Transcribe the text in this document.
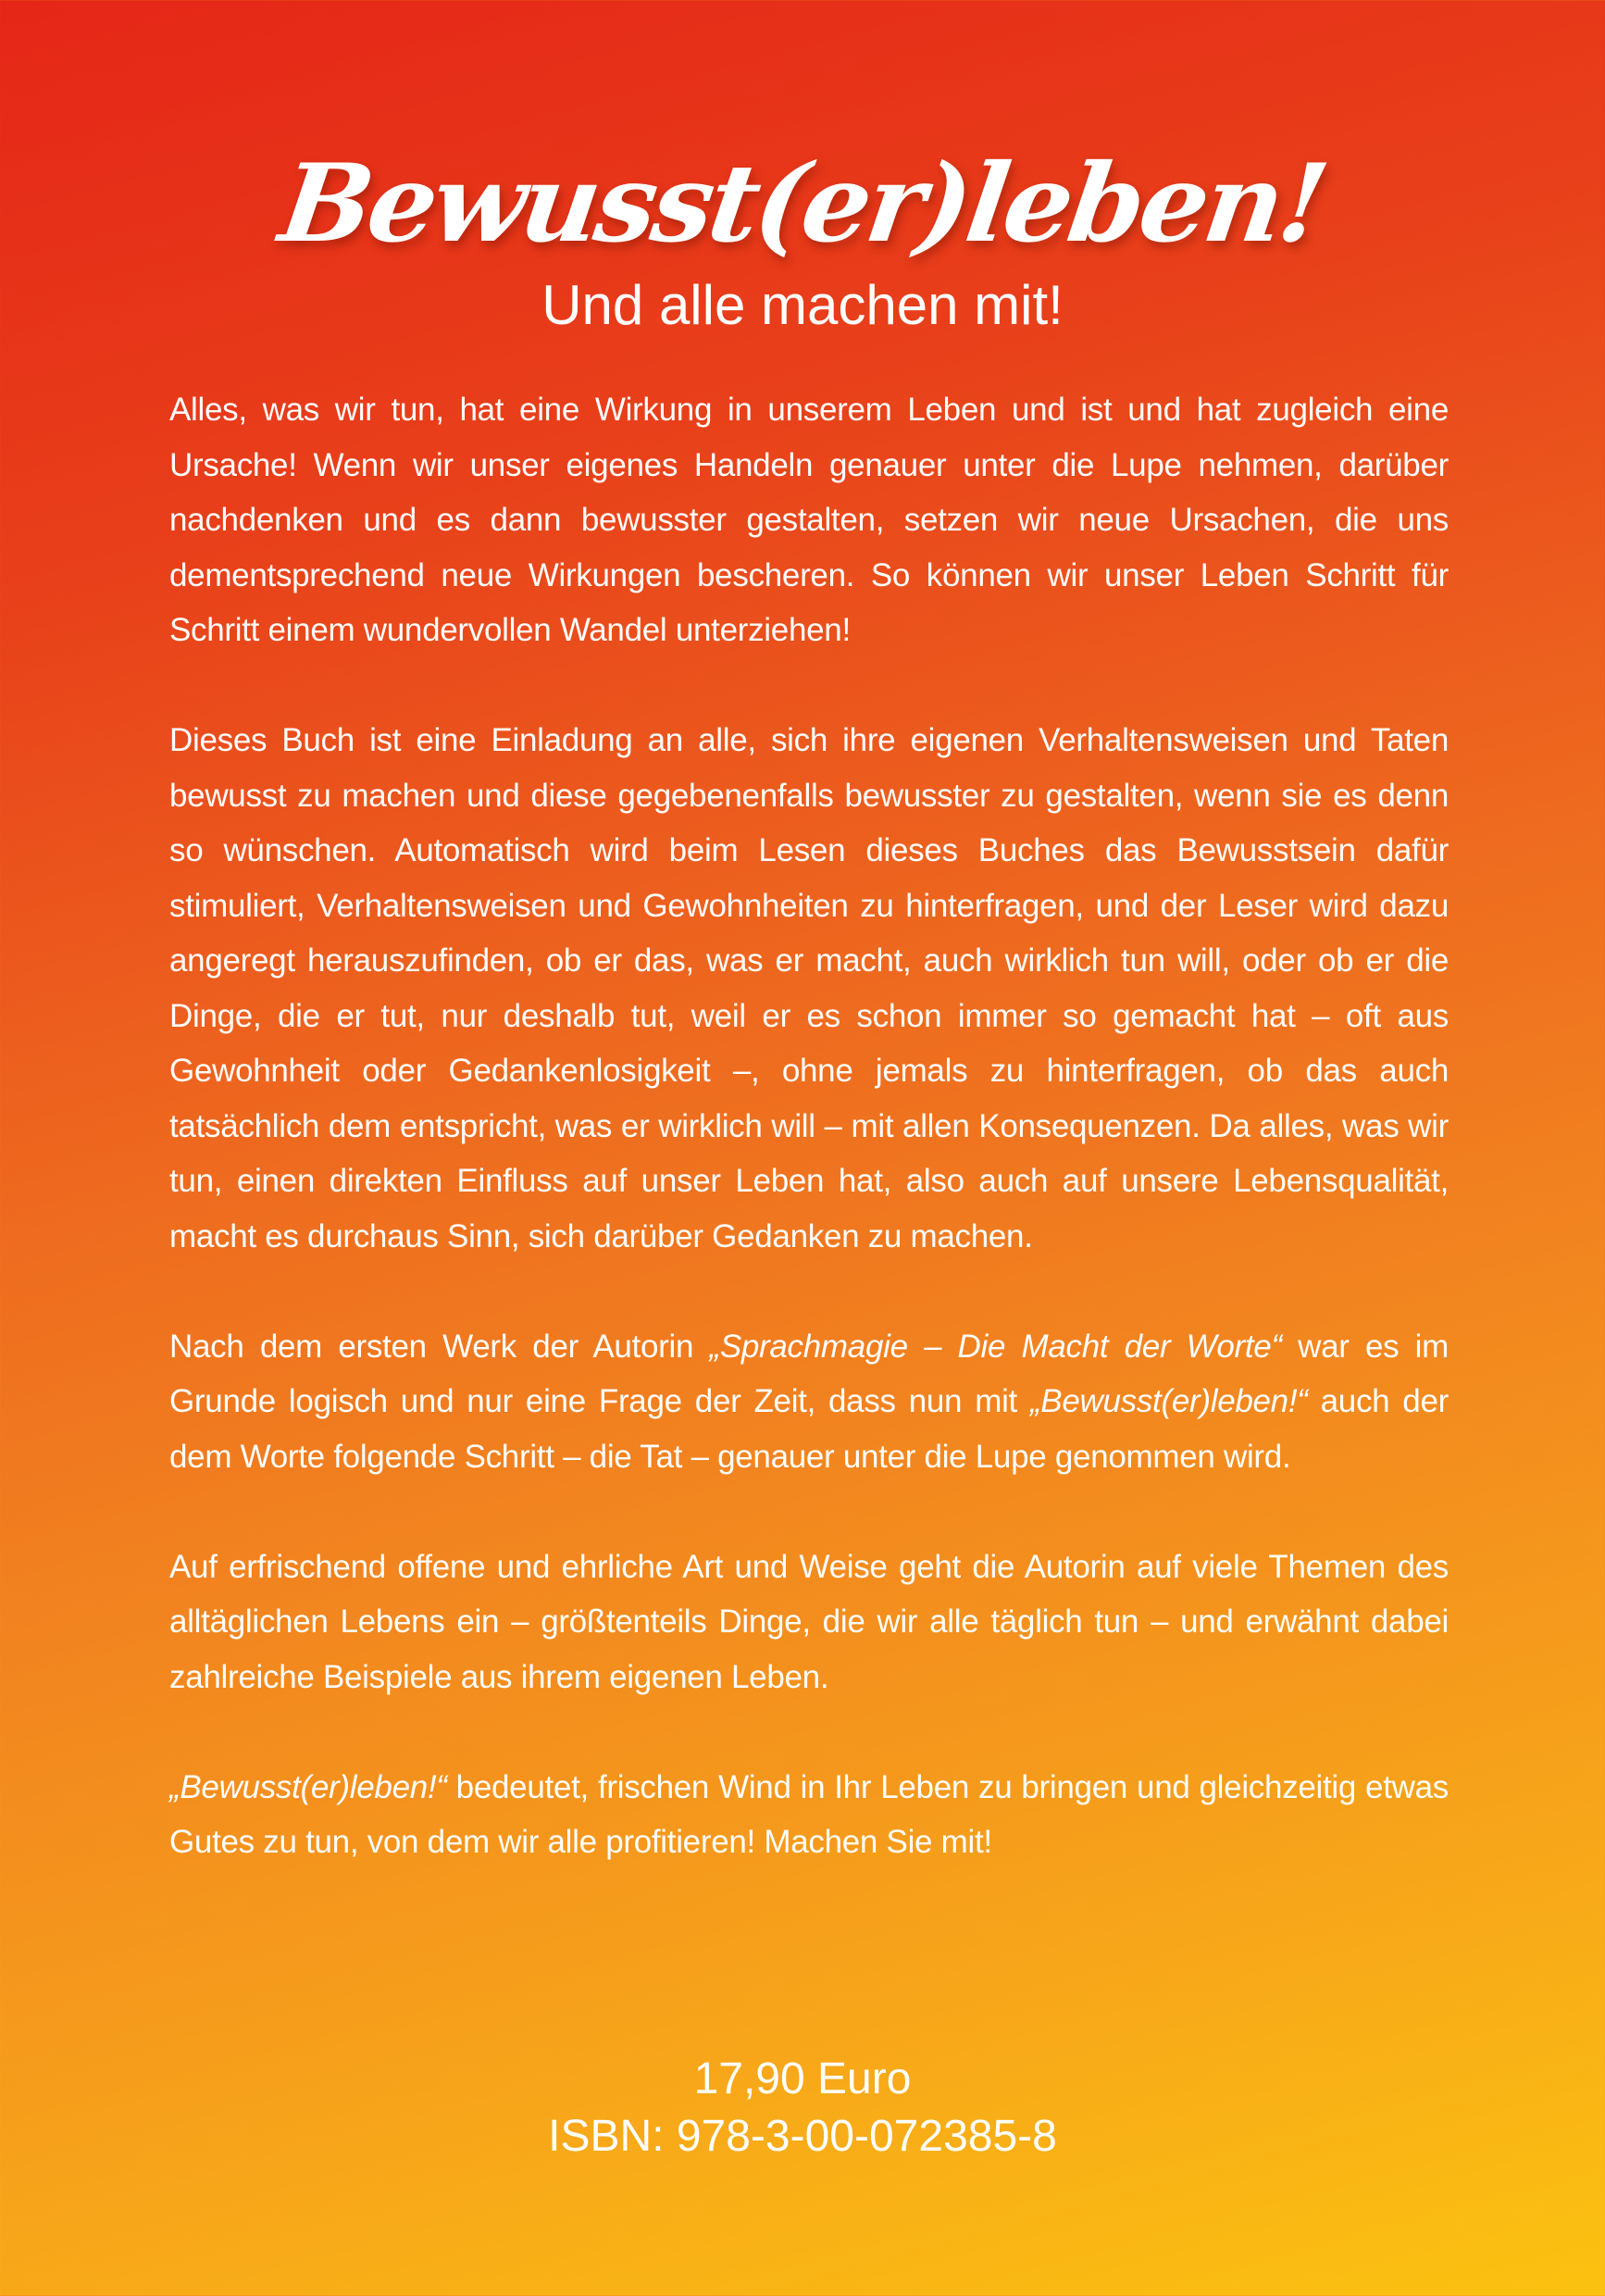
Bewusst(er)leben!
Und alle machen mit!

Alles, was wir tun, hat eine Wirkung in unserem Leben und ist und hat zugleich eine Ursache! Wenn wir unser eigenes Handeln genauer unter die Lupe nehmen, darüber nachdenken und es dann bewusster gestalten, setzen wir neue Ursachen, die uns dementsprechend neue Wirkungen bescheren. So können wir unser Leben Schritt für Schritt einem wundervollen Wandel unterziehen!

Dieses Buch ist eine Einladung an alle, sich ihre eigenen Verhaltensweisen und Taten bewusst zu machen und diese gegebenenfalls bewusster zu gestalten, wenn sie es denn so wünschen. Automatisch wird beim Lesen dieses Buches das Bewusstsein dafür stimuliert, Verhaltensweisen und Gewohnheiten zu hinterfragen, und der Leser wird dazu angeregt herauszufinden, ob er das, was er macht, auch wirklich tun will, oder ob er die Dinge, die er tut, nur deshalb tut, weil er es schon immer so gemacht hat – oft aus Gewohnheit oder Gedankenlosigkeit –, ohne jemals zu hinterfragen, ob das auch tatsächlich dem entspricht, was er wirklich will – mit allen Konsequenzen. Da alles, was wir tun, einen direkten Einfluss auf unser Leben hat, also auch auf unsere Lebensqualität, macht es durchaus Sinn, sich darüber Gedanken zu machen.

Nach dem ersten Werk der Autorin „Sprachmagie – Die Macht der Worte“ war es im Grunde logisch und nur eine Frage der Zeit, dass nun mit „Bewusst(er)leben!“ auch der dem Worte folgende Schritt – die Tat – genauer unter die Lupe genommen wird.

Auf erfrischend offene und ehrliche Art und Weise geht die Autorin auf viele Themen des alltäglichen Lebens ein – größtenteils Dinge, die wir alle täglich tun – und erwähnt dabei zahlreiche Beispiele aus ihrem eigenen Leben.

„Bewusst(er)leben!“ bedeutet, frischen Wind in Ihr Leben zu bringen und gleichzeitig etwas Gutes zu tun, von dem wir alle profitieren! Machen Sie mit!

17,90 Euro
ISBN: 978-3-00-072385-8
